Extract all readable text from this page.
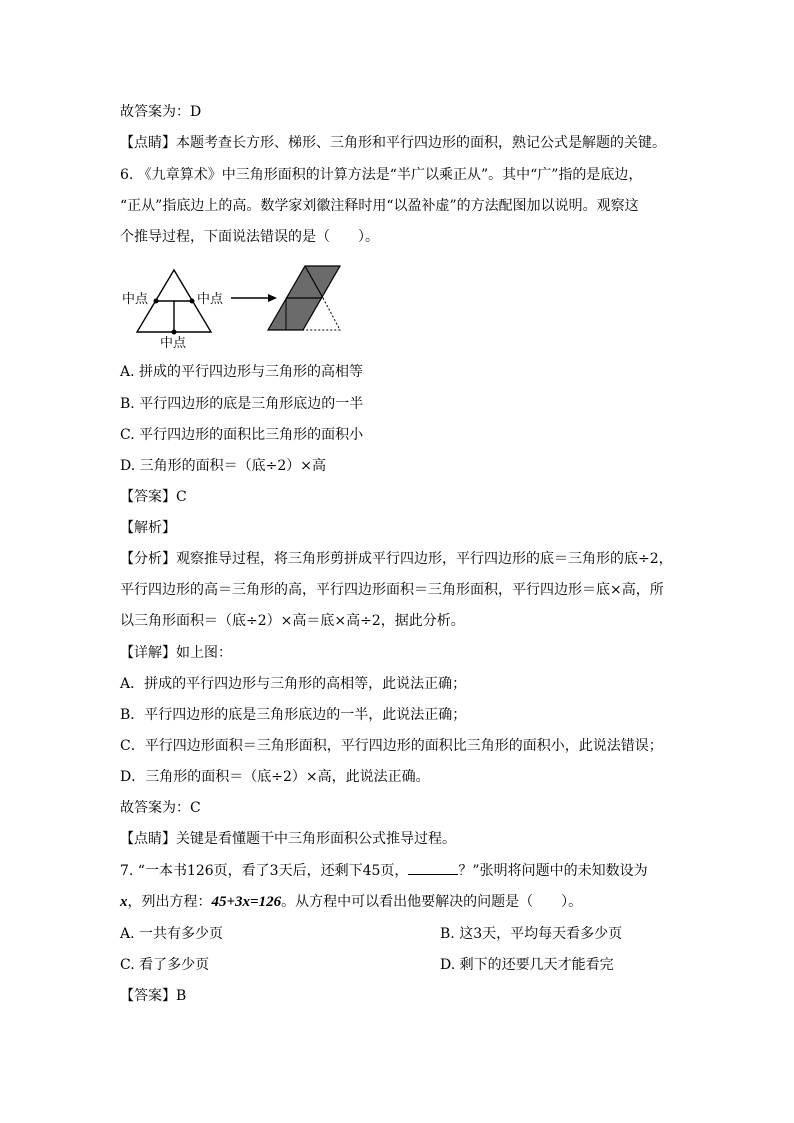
故答案为：D
【点睛】本题考查长方形、梯形、三角形和平行四边形的面积，熟记公式是解题的关键。
6. 《九章算术》中三角形面积的计算方法是“半广以乘正从”。其中“广”指的是底边，
“正从”指底边上的高。数学家刘徽注释时用“以盈补虚”的方法配图加以说明。观察这
个推导过程，下面说法错误的是（　　）。
中点	中点
中点
A. 拼成的平行四边形与三角形的高相等
B. 平行四边形的底是三角形底边的一半
C. 平行四边形的面积比三角形的面积小
D. 三角形的面积＝（底÷2）×高
【答案】C
【解析】
【分析】观察推导过程，将三角形剪拼成平行四边形，平行四边形的底＝三角形的底÷2，
平行四边形的高＝三角形的高，平行四边形面积＝三角形面积，平行四边形＝底×高，所
以三角形面积＝（底÷2）×高＝底×高÷2，据此分析。
【详解】如上图：
A．拼成的平行四边形与三角形的高相等，此说法正确；
B．平行四边形的底是三角形底边的一半，此说法正确；
C．平行四边形面积＝三角形面积，平行四边形的面积比三角形的面积小，此说法错误；
D．三角形的面积＝（底÷2）×高，此说法正确。
故答案为：C
【点睛】关键是看懂题干中三角形面积公式推导过程。
7. “一本书126页，看了3天后，还剩下45页，	？”张明将问题中的未知数设为
x，列出方程：45+3x=126。从方程中可以看出他要解决的问题是（　　）。
A. 一共有多少页	B. 这3天，平均每天看多少页
C. 看了多少页	D. 剩下的还要几天才能看完
【答案】B
